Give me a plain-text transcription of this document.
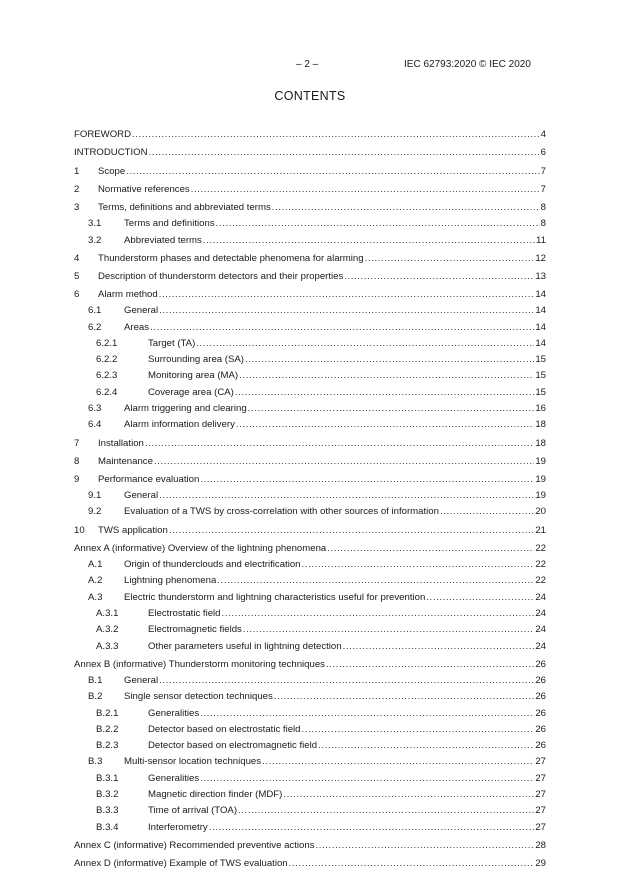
– 2 –	IEC 62793:2020 © IEC 2020
CONTENTS
FOREWORD .....	4
INTRODUCTION .....	6
1	Scope .....	7
2	Normative references .....	7
3	Terms, definitions and abbreviated terms .....	8
3.1	Terms and definitions .....	8
3.2	Abbreviated terms .....	11
4	Thunderstorm phases and detectable phenomena for alarming .....	12
5	Description of thunderstorm detectors and their properties .....	13
6	Alarm method .....	14
6.1	General .....	14
6.2	Areas .....	14
6.2.1	Target (TA) .....	14
6.2.2	Surrounding area (SA) .....	15
6.2.3	Monitoring area (MA) .....	15
6.2.4	Coverage area (CA) .....	15
6.3	Alarm triggering and clearing .....	16
6.4	Alarm information delivery .....	18
7	Installation .....	18
8	Maintenance .....	19
9	Performance evaluation .....	19
9.1	General .....	19
9.2	Evaluation of a TWS by cross-correlation with other sources of information .....	20
10	TWS application .....	21
Annex A (informative) Overview of the lightning phenomena .....	22
A.1	Origin of thunderclouds and electrification .....	22
A.2	Lightning phenomena .....	22
A.3	Electric thunderstorm and lightning characteristics useful for prevention .....	24
A.3.1	Electrostatic field .....	24
A.3.2	Electromagnetic fields .....	24
A.3.3	Other parameters useful in lightning detection .....	24
Annex B (informative) Thunderstorm monitoring techniques .....	26
B.1	General .....	26
B.2	Single sensor detection techniques .....	26
B.2.1	Generalities .....	26
B.2.2	Detector based on electrostatic field .....	26
B.2.3	Detector based on electromagnetic field .....	26
B.3	Multi-sensor location techniques .....	27
B.3.1	Generalities .....	27
B.3.2	Magnetic direction finder (MDF) .....	27
B.3.3	Time of arrival (TOA) .....	27
B.3.4	Interferometry .....	27
Annex C (informative) Recommended preventive actions .....	28
Annex D (informative) Example of TWS evaluation .....	29
